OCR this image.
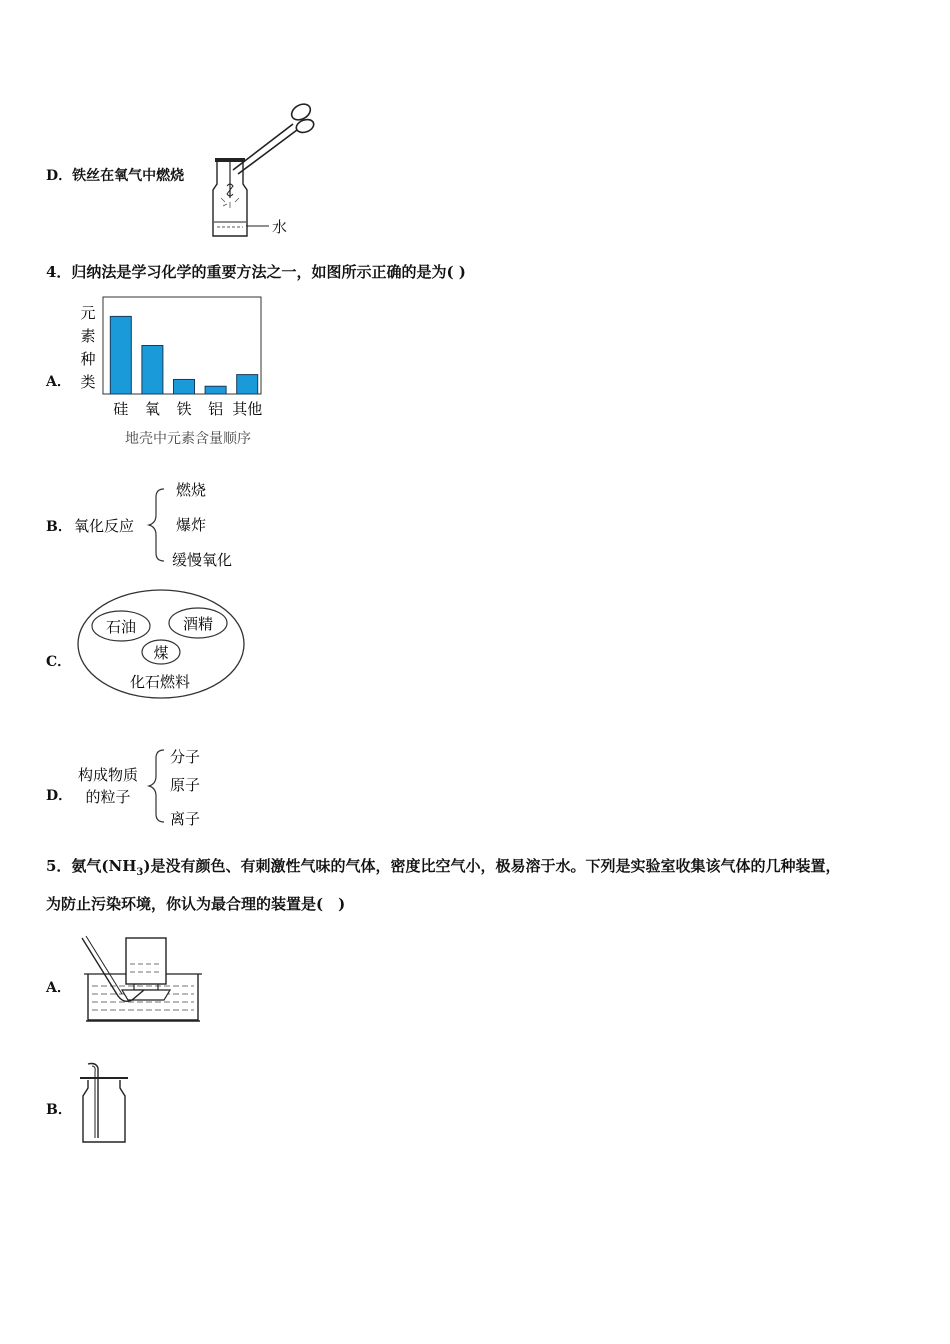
D．铁丝在氧气中燃烧
水
4．归纳法是学习化学的重要方法之一，如图所示正确的是为( )
A．
元
素
种
类
硅 氧 铁 铝 其他
地壳中元素含量顺序
B． 氧化反应
燃烧
爆炸
缓慢氧化
C．
石油	酒精
煤
化石燃料
D．
构成物质
的粒子
分子
原子
离子
5．氨气$(NH_3)$是没有颜色、有刺激性气味的气体，密度比空气小，极易溶于水。下列是实验室收集该气体的几种装置，
为防止污染环境，你认为最合理的装置是(　)
A．
B．
